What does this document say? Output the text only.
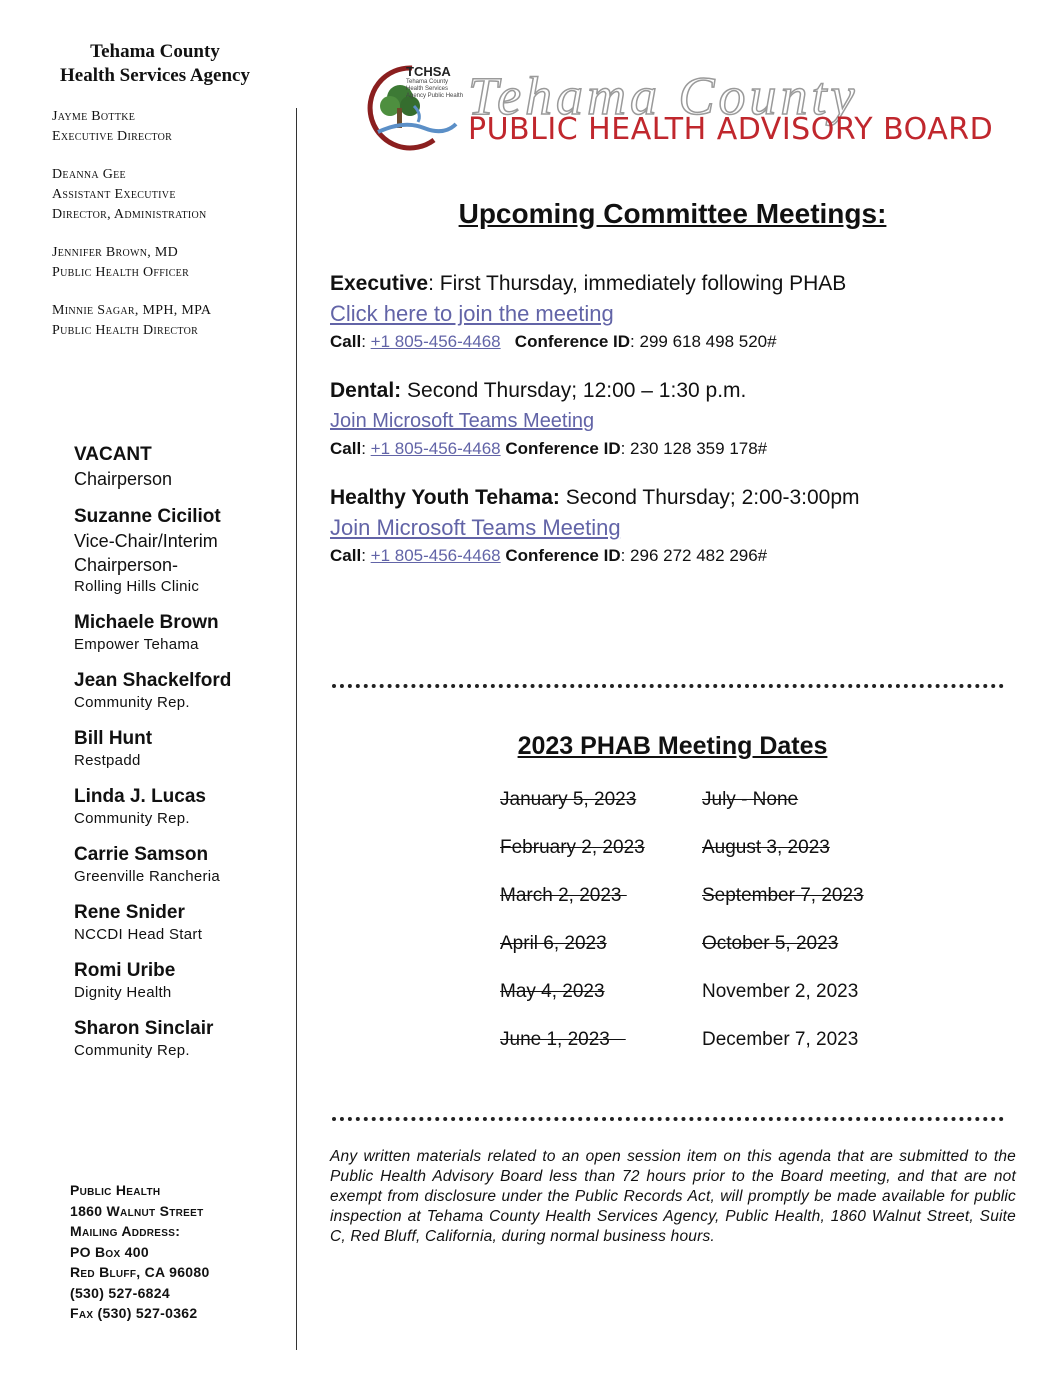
Tehama County
Health Services Agency
Jayme Bottke
Executive Director
Deanna Gee
Assistant Executive
Director, Administration
Jennifer Brown, MD
Public Health Officer
Minnie Sagar, MPH, MPA
Public Health Director
VACANT
Chairperson
Suzanne Ciciliot
Vice-Chair/Interim Chairperson-
Rolling Hills Clinic
Michaele Brown
Empower Tehama
Jean Shackelford
Community Rep.
Bill Hunt
Restpadd
Linda J. Lucas
Community Rep.
Carrie Samson
Greenville Rancheria
Rene Snider
NCCDI Head Start
Romi Uribe
Dignity Health
Sharon Sinclair
Community Rep.
Public Health
1860 Walnut Street
Mailing Address:
PO Box 400
Red Bluff, CA 96080
(530) 527-6824
Fax (530) 527-0362
TCHSA
Tehama County Health Services Agency Public Health Tehama County
PUBLIC HEALTH ADVISORY BOARD
Upcoming Committee Meetings:
Executive: First Thursday, immediately following PHAB
Click here to join the meeting
Call: +1 805-456-4468 Conference ID: 299 618 498 520#
Dental: Second Thursday; 12:00 – 1:30 p.m.
Join Microsoft Teams Meeting
Call: +1 805-456-4468 Conference ID: 230 128 359 178#
Healthy Youth Tehama: Second Thursday; 2:00-3:00pm
Join Microsoft Teams Meeting
Call: +1 805-456-4468 Conference ID: 296 272 482 296#
2023 PHAB Meeting Dates
January 5, 2023	July - None
February 2, 2023	August 3, 2023
March 2, 2023	September 7, 2023
April 6, 2023	October 5, 2023
May 4, 2023	November 2, 2023
June 1, 2023	December 7, 2023
Any written materials related to an open session item on this agenda that are submitted to the Public Health Advisory Board less than 72 hours prior to the Board meeting, and that are not exempt from disclosure under the Public Records Act, will promptly be made available for public inspection at Tehama County Health Services Agency, Public Health, 1860 Walnut Street, Suite C, Red Bluff, California, during normal business hours.
